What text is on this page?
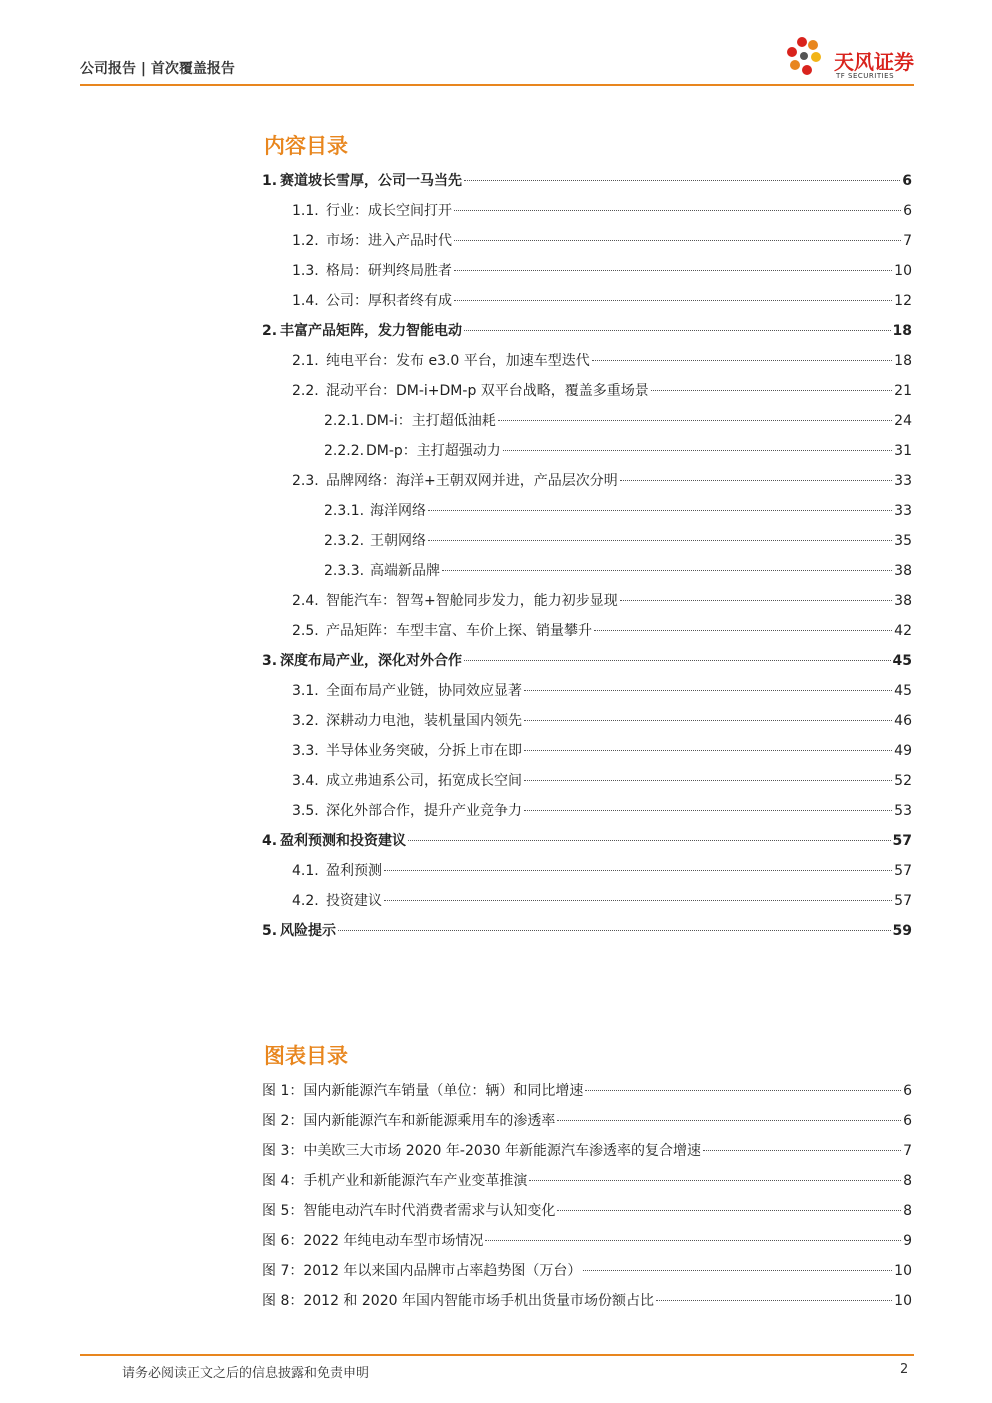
公司报告 | 首次覆盖报告	天风证券
TF SECURITIES
内容目录
1. 赛道坡长雪厚，公司一马当先	6
1.1. 行业：成长空间打开	6
1.2. 市场：进入产品时代	7
1.3. 格局：研判终局胜者	10
1.4. 公司：厚积者终有成	12
2. 丰富产品矩阵，发力智能电动	18
2.1. 纯电平台：发布 e3.0 平台，加速车型迭代	18
2.2. 混动平台：DM-i+DM-p 双平台战略，覆盖多重场景	21
2.2.1. DM-i：主打超低油耗	24
2.2.2. DM-p：主打超强动力	31
2.3. 品牌网络：海洋+王朝双网并进，产品层次分明	33
2.3.1. 海洋网络	33
2.3.2. 王朝网络	35
2.3.3. 高端新品牌	38
2.4. 智能汽车：智驾+智舱同步发力，能力初步显现	38
2.5. 产品矩阵：车型丰富、车价上探、销量攀升	42
3. 深度布局产业，深化对外合作	45
3.1. 全面布局产业链，协同效应显著	45
3.2. 深耕动力电池，装机量国内领先	46
3.3. 半导体业务突破，分拆上市在即	49
3.4. 成立弗迪系公司，拓宽成长空间	52
3.5. 深化外部合作，提升产业竞争力	53
4. 盈利预测和投资建议	57
4.1. 盈利预测	57
4.2. 投资建议	57
5. 风险提示	59
图表目录
图 1：国内新能源汽车销量（单位：辆）和同比增速	6
图 2：国内新能源汽车和新能源乘用车的渗透率	6
图 3：中美欧三大市场 2020 年-2030 年新能源汽车渗透率的复合增速	7
图 4：手机产业和新能源汽车产业变革推演	8
图 5：智能电动汽车时代消费者需求与认知变化	8
图 6：2022 年纯电动车型市场情况	9
图 7：2012 年以来国内品牌市占率趋势图（万台）	10
图 8：2012 和 2020 年国内智能市场手机出货量市场份额占比	10
请务必阅读正文之后的信息披露和免责申明	2
